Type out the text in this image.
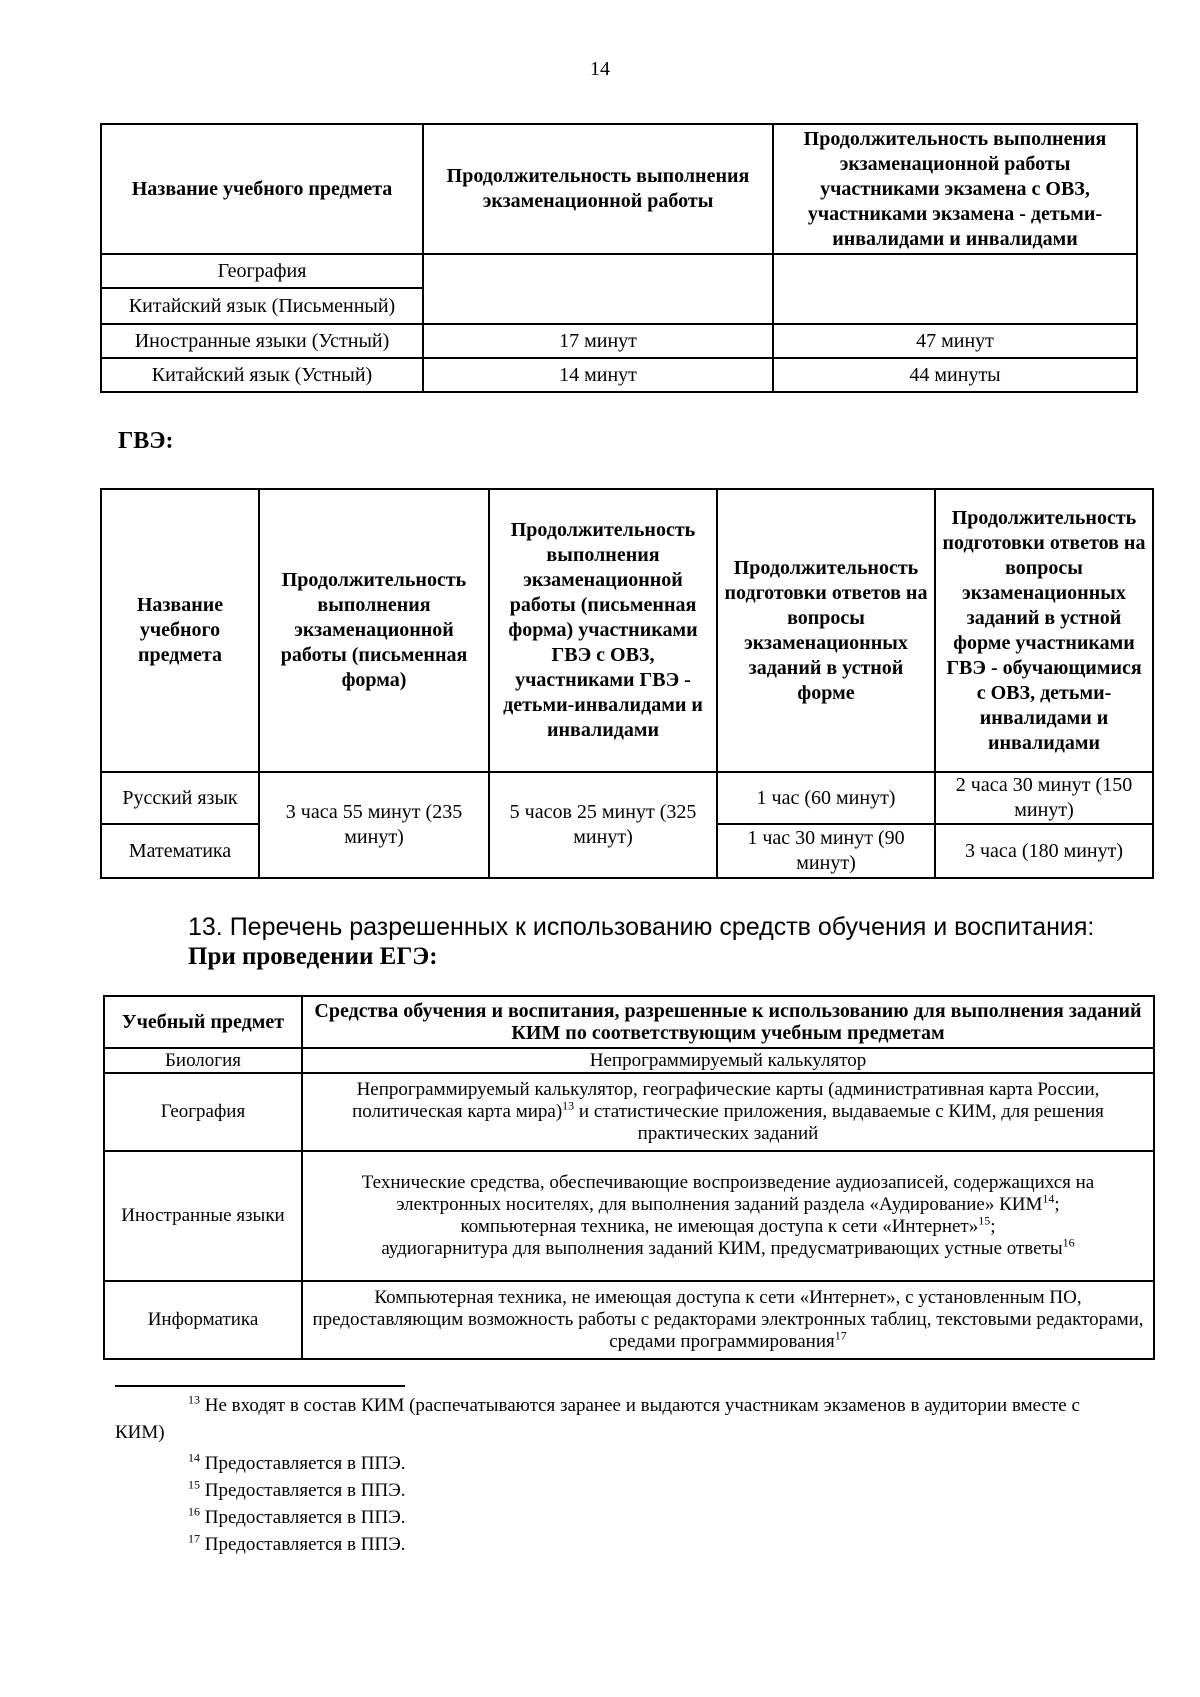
14
Название учебного предмета	Продолжительность выполнения экзаменационной работы	Продолжительность выполнения
экзаменационной работы
участниками экзамена с ОВЗ,
участниками экзамена - детьми-
инвалидами и инвалидами
География		
Китайский язык (Письменный)		
Иностранные языки (Устный)	17 минут	47 минут
Китайский язык (Устный)	14 минут	44 минуты
ГВЭ:
Название учебного предмета	Продолжительность выполнения экзаменационной работы (письменная форма)	Продолжительность выполнения экзаменационной работы (письменная форма) участниками ГВЭ с ОВЗ, участниками ГВЭ - детьми-инвалидами и инвалидами	Продолжительность подготовки ответов на вопросы экзаменационных заданий в устной форме	Продолжительность подготовки ответов на вопросы экзаменационных заданий в устной форме участниками ГВЭ - обучающимися с ОВЗ, детьми-инвалидами и инвалидами
Русский язык	3 часа 55 минут (235 минут)	5 часов 25 минут (325 минут)	1 час (60 минут)	2 часа 30 минут (150 минут)
Математика			1 час 30 минут (90 минут)	3 часа (180 минут)
13. Перечень разрешенных к использованию средств обучения и воспитания:
При проведении ЕГЭ:
Учебный предмет	Средства обучения и воспитания, разрешенные к использованию для выполнения заданий КИМ по соответствующим учебным предметам
Биология	Непрограммируемый калькулятор
География	Непрограммируемый калькулятор, географические карты (административная карта России, политическая карта мира)$^{13}$ и статистические приложения, выдаваемые с КИМ, для решения практических заданий
Иностранные языки	Технические средства, обеспечивающие воспроизведение аудиозаписей, содержащихся на электронных носителях, для выполнения заданий раздела «Аудирование» КИМ$^{14}$;
компьютерная техника, не имеющая доступа к сети «Интернет»$^{15}$;
аудиогарнитура для выполнения заданий КИМ, предусматривающих устные ответы$^{16}$
Информатика	Компьютерная техника, не имеющая доступа к сети «Интернет», с установленным ПО, предоставляющим возможность работы с редакторами электронных таблиц, текстовыми редакторами, средами программирования$^{17}$
$^{13}$ Не входят в состав КИМ (распечатываются заранее и выдаются участникам экзаменов в аудитории вместе с
КИМ)
$^{14}$ Предоставляется в ППЭ.
$^{15}$ Предоставляется в ППЭ.
$^{16}$ Предоставляется в ППЭ.
$^{17}$ Предоставляется в ППЭ.
